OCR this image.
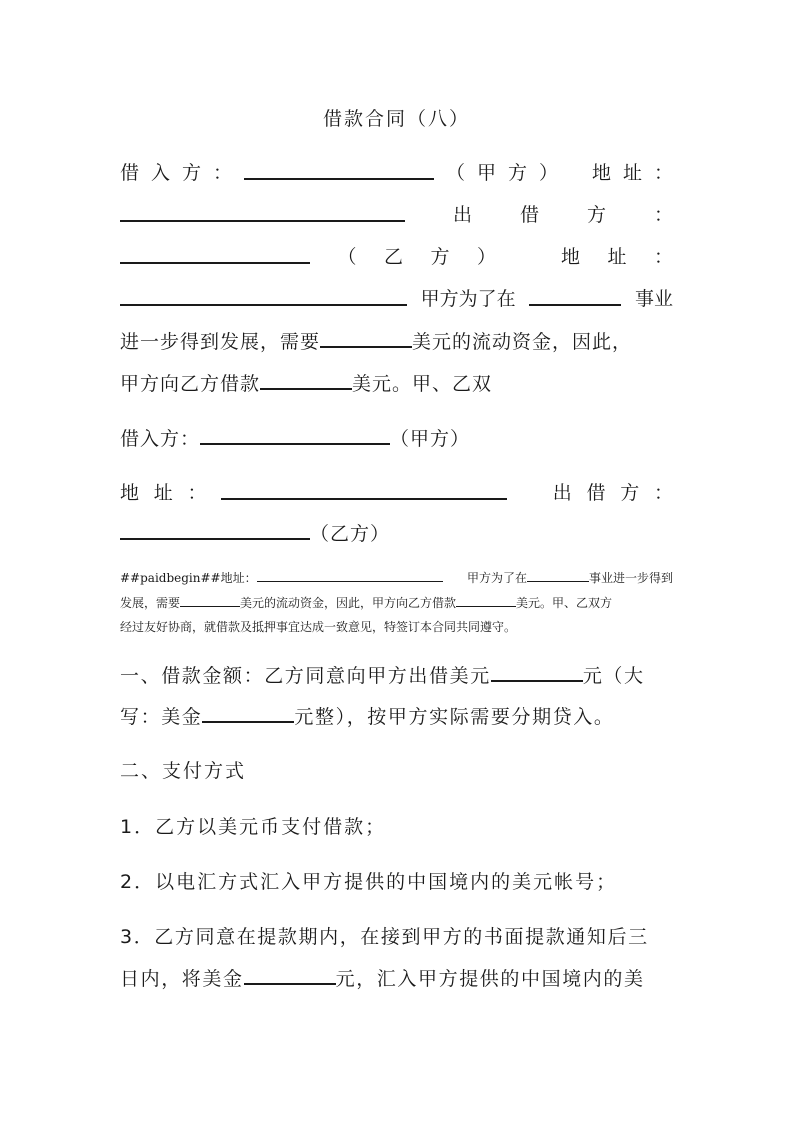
借款合同（八）
借 入 方 ：	（ 甲 方 ） 地 址 ：
出	借	方	：
（ 乙 方 ）	地 址 ：
甲方为了在	事业
进一步得到发展，需要	美元的流动资金，因此，
甲方向乙方借款	美元。甲、乙双
借入方：	（甲方）
地 址 ：	出 借 方 ：
（乙方）
##paidbegin##地址：	甲方为了在	事业进一步得到
发展，需要	美元的流动资金，因此，甲方向乙方借款	美元。甲、乙双方
经过友好协商，就借款及抵押事宜达成一致意见，特签订本合同共同遵守。
一、借款金额：乙方同意向甲方出借美元	元（大
写：美金	元整），按甲方实际需要分期贷入。
二、支付方式
1．乙方以美元币支付借款；
2．以电汇方式汇入甲方提供的中国境内的美元帐号；
3．乙方同意在提款期内，在接到甲方的书面提款通知后三
日内，将美金	元，汇入甲方提供的中国境内的美
